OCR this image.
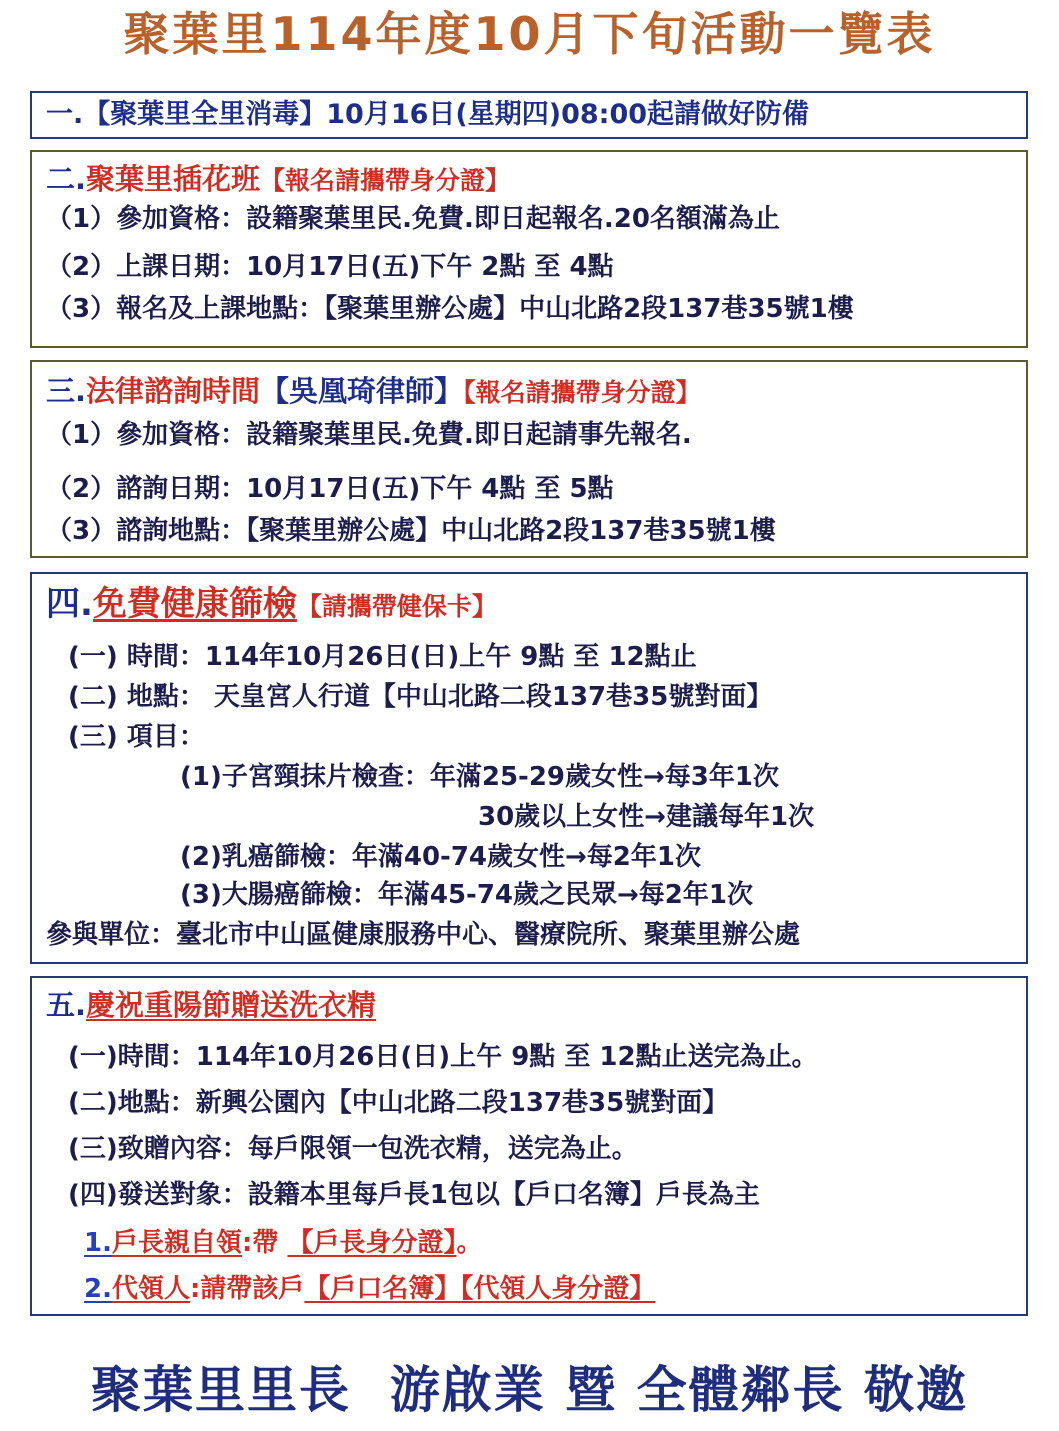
聚葉里114年度10月下旬活動一覽表
一.【聚葉里全里消毒】10月16日(星期四)08:00起請做好防備
二.聚葉里插花班【報名請攜帶身分證】
（1）參加資格：設籍聚葉里民.免費.即日起報名.20名額滿為止
（2）上課日期：10月17日(五)下午 2點 至 4點
（3）報名及上課地點：【聚葉里辦公處】中山北路2段137巷35號1樓
三.法律諮詢時間【吳凰琦律師】【報名請攜帶身分證】
（1）參加資格：設籍聚葉里民.免費.即日起請事先報名.
（2）諮詢日期：10月17日(五)下午 4點 至 5點
（3）諮詢地點：【聚葉里辦公處】中山北路2段137巷35號1樓
四.免費健康篩檢【請攜帶健保卡】
(一) 時間：114年10月26日(日)上午 9點 至 12點止
(二) 地點： 天皇宮人行道【中山北路二段137巷35號對面】
(三) 項目：
(1)子宮頸抹片檢查：年滿25-29歲女性→每3年1次
30歲以上女性→建議每年1次
(2)乳癌篩檢：年滿40-74歲女性→每2年1次
(3)大腸癌篩檢：年滿45-74歲之民眾→每2年1次
參與單位：臺北市中山區健康服務中心、醫療院所、聚葉里辦公處
五.慶祝重陽節贈送洗衣精
(一)時間：114年10月26日(日)上午 9點 至 12點止送完為止。
(二)地點：新興公園內【中山北路二段137巷35號對面】
(三)致贈內容：每戶限領一包洗衣精，送完為止。
(四)發送對象：設籍本里每戶長1包以【戶口名簿】戶長為主
1.戶長親自領:帶 【戶長身分證】。
2.代領人:請帶該戶【戶口名簿】【代領人身分證】
聚葉里里長  游啟業 暨 全體鄰長 敬邀
